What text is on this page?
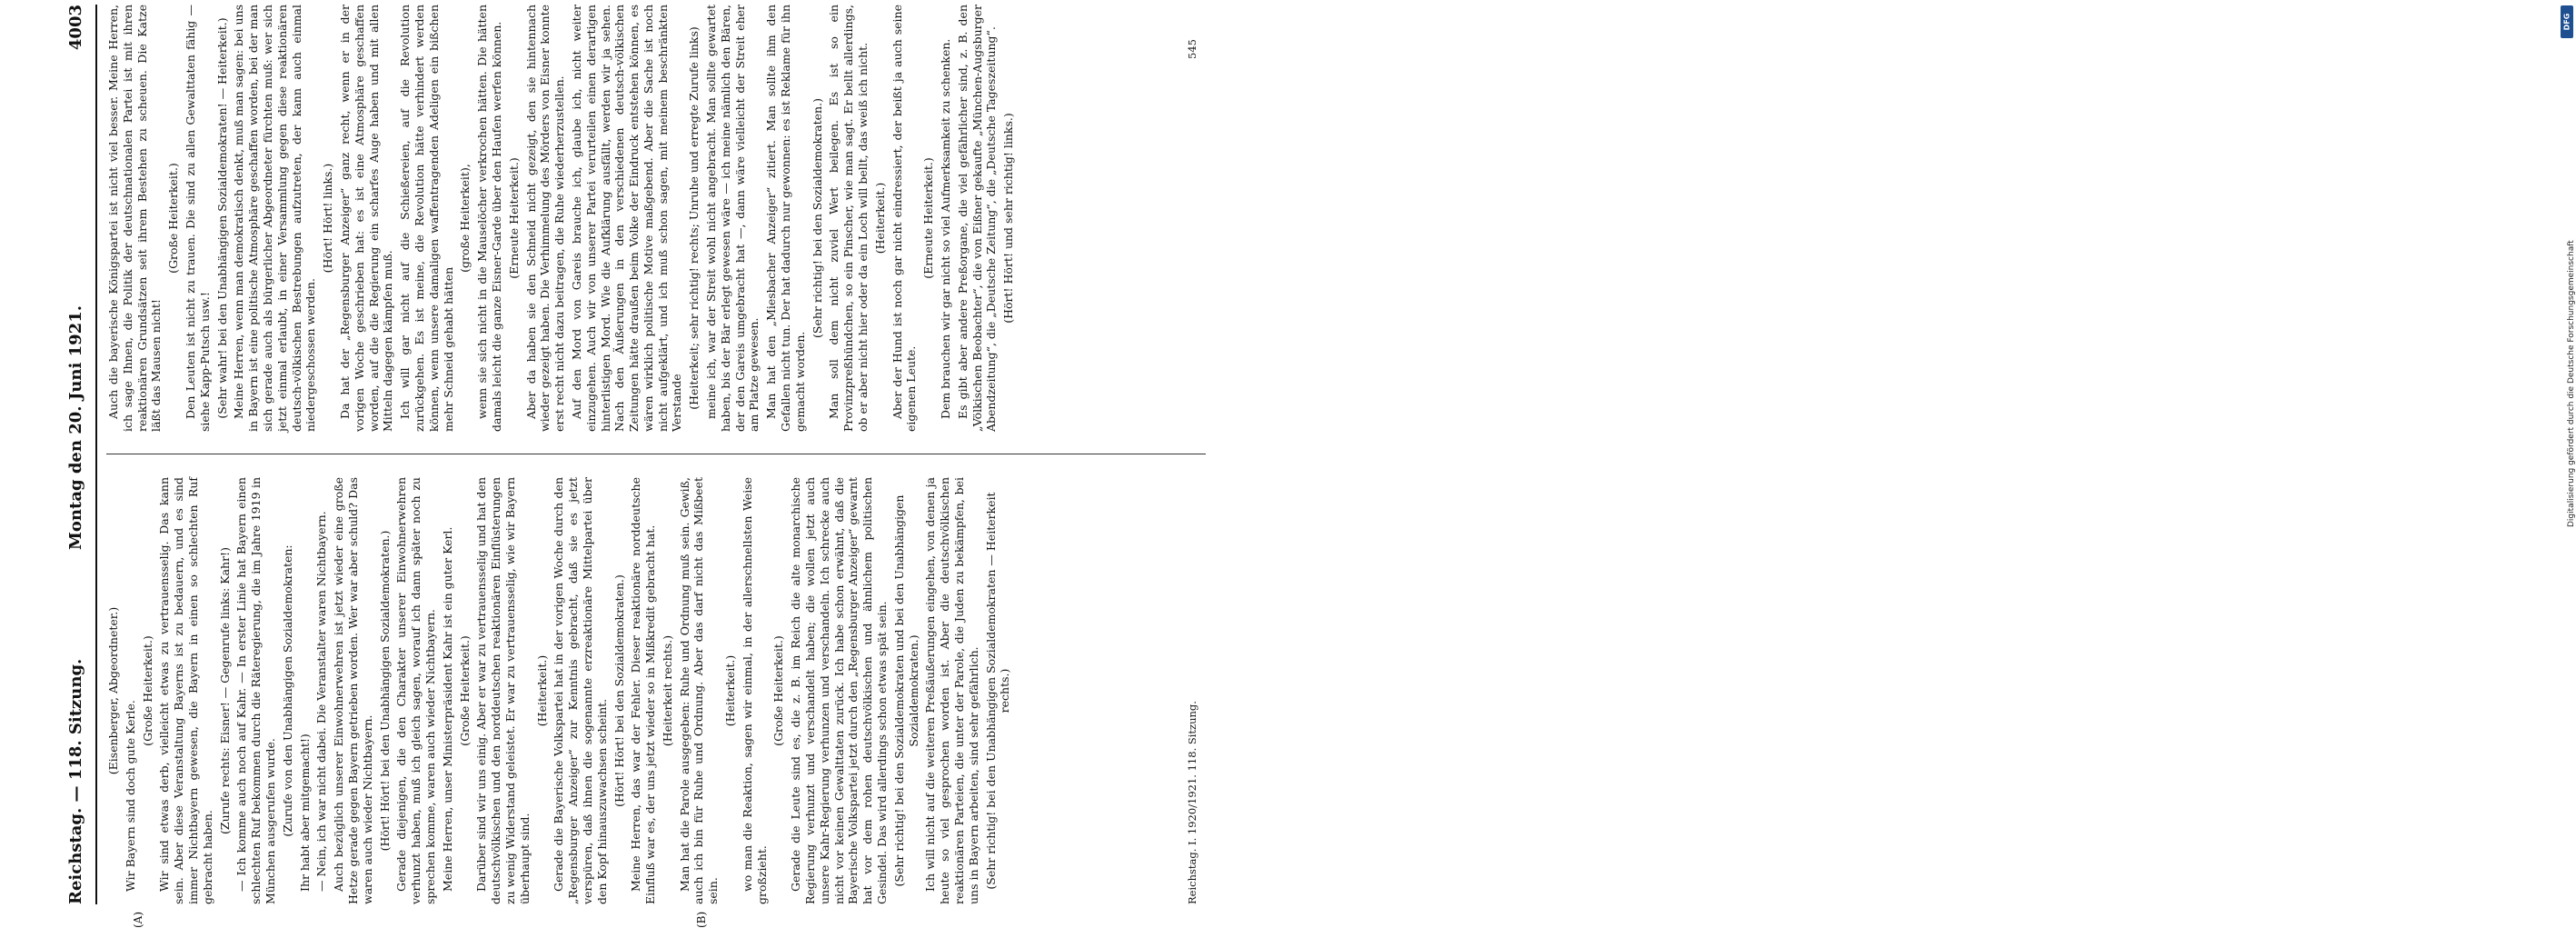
Reichstag. — 118. Sitzung.
Montag den 20. Juni 1921.
4003

(Eisenberger, Abgeordneter.)

Wir Bayern sind doch gute Kerle.

(Große Heiterkeit.) Wir sind etwas derb, vielleicht etwas zu vertrauensselig. Das kann sein. Aber diese Veranstaltung Bayerns ist zu bedauern, und es sind immer Nichtbayern gewesen, die Bayern in einen so schlechten Ruf gebracht haben.

(Zurufe rechts: Eisner! — Gegenrufe links: Kahr!) — Ich komme auch noch auf Kahr. — In erster Linie hat Bayern einen schlechten Ruf bekommen durch die Räteregierung, die im Jahre 1919 in München ausgerufen wurde. (Zurufe von den Unabhängigen Sozialdemokraten: Ihr habt aber mitgemacht!) — Nein, ich war nicht dabei. Die Veranstalter waren Nichtbayern. Auch bezüglich unserer Einwohnerwehren ist jetzt wieder eine große Hetze gerade gegen Bayern getrieben worden. Wer war aber schuld? Das waren auch wieder Nichtbayern. (Hört! Hört! bei den Unabhängigen Sozialdemokraten.) Gerade diejenigen, die den Charakter unserer Einwohnerwehren verhunzt haben, muß ich gleich sagen, worauf ich dann später noch zu sprechen komme, waren auch wieder Nichtbayern. Meine Herren, unser Ministerpräsident Kahr ist ein guter Kerl. (Große Heiterkeit.) Darüber sind wir uns einig. Aber er war zu vertrauensselig und hat den deutschvölkischen und den norddeutschen reaktionären Einflüsterungen zu wenig Widerstand geleistet. Er war zu vertrauensselig, wie wir Bayern überhaupt sind.

(Heiterkeit.) Gerade die Bayerische Volkspartei hat in der vorigen Woche durch den „Regensburger Anzeiger“ zur Kenntnis gebracht, daß sie es jetzt verspüren, daß ihnen die sogenannte erzreaktionäre Mittelpartei über den Kopf hinauszuwachsen scheint. (Hört! Hört! bei den Sozialdemokraten.) Meine Herren, das war der Fehler. Dieser reaktionäre norddeutsche Einfluß war es, der uns jetzt wieder so in Mißkredit gebracht hat. (Heiterkeit rechts.) Man hat die Parole ausgegeben: Ruhe und Ordnung muß sein. Gewiß, auch ich bin für Ruhe und Ordnung. Aber das darf nicht das Mißbeet sein.

(Heiterkeit.) wo man die Reaktion, sagen wir einmal, in der allerschnellsten Weise großzieht.

(Große Heiterkeit.) Gerade die Leute sind es, die z. B. im Reich die alte monarchische Regierung verhunzt und verschandelt haben; die wollen jetzt auch unsere Kahr-Regierung verhunzen und verschandeln. Ich schrecke auch nicht vor keinen Gewalttaten zurück. Ich habe schon erwähnt, daß die Bayerische Volkspartei jetzt durch den „Regensburger Anzeiger“ gewarnt hat vor dem rohen deutschvölkischen und ähnlichem politischen Gesindel. Das wird allerdings schon etwas spät sein. (Sehr richtig! bei den Sozialdemokraten und bei den Unabhängigen Sozialdemokraten.) Ich will nicht auf die weiteren Preßäußerungen eingehen, von denen ja heute so viel gesprochen worden ist. Aber die deutschvölkischen reaktionären Parteien, die unter der Parole, die Juden zu bekämpfen, bei uns in Bayern arbeiten, sind sehr gefährlich. (Sehr richtig! bei den Unabhängigen Sozialdemokraten — Heiterkeit rechts.)

Auch die bayerische Königspartei ist nicht viel besser. Meine Herren, ich sage Ihnen, die Politik der deutschnationalen Partei ist mit ihren reaktionären Grundsätzen seit ihrem Bestehen zu scheuen. Die Katze läßt das Mausen nicht!

(Große Heiterkeit.) Den Leuten ist nicht zu trauen. Die sind zu allen Gewalttaten fähig — siehe Kapp-Putsch usw.! (Sehr wahr! bei den Unabhängigen Sozialdemokraten! — Heiterkeit.) Meine Herren, wenn man demokratisch denkt, muß man sagen: bei uns in Bayern ist eine politische Atmosphäre geschaffen worden, bei der man sich gerade auch als bürgerlicher Abgeordneter fürchten muß: wer sich jetzt einmal erlaubt, in einer Versammlung gegen diese reaktionären deutsch-völkischen Bestrebungen aufzutreten, der kann auch einmal niedergeschossen werden.

(Hört! Hört! links.) Da hat der „Regensburger Anzeiger“ ganz recht, wenn er in der vorigen Woche geschrieben hat: es ist eine Atmosphäre geschaffen worden, auf die die Regierung ein scharfes Auge haben und mit allen Mitteln dagegen kämpfen muß. Ich will gar nicht auf die Schießereien, auf die Revolution zurückgehen. Es ist meine, die Revolution hätte verhindert werden können, wenn unsere damaligen waffentragenden Adeligen ein bißchen mehr Schneid gehabt hätten

(große Heiterkeit), wenn sie sich nicht in die Mauselöcher verkrochen hätten. Die hätten damals leicht die ganze Eisner-Garde über den Haufen werfen können. (Erneute Heiterkeit.) Aber da haben sie den Schneid nicht gezeigt, den sie hintennach wieder gezeigt haben. Die Verhimmelung des Mörders von Eisner konnte erst recht nicht dazu beitragen, die Ruhe wiederherzustellen. Auf den Mord von Gareis brauche ich, glaube ich, nicht weiter einzugehen. Auch wir von unserer Partei verurteilen einen derartigen hinterlistigen Mord. Wie die Aufklärung ausfällt, werden wir ja sehen. Nach den Äußerungen in den verschiedenen deutsch-völkischen Zeitungen hätte draußen beim Volke der Eindruck entstehen können, es wären wirklich politische Motive maßgebend. Aber die Sache ist noch nicht aufgeklärt, und ich muß schon sagen, mit meinem beschränkten Verstande (Heiterkeit; sehr richtig! rechts; Unruhe und erregte Zurufe links) meine ich, war der Streit wohl nicht angebracht. Man sollte gewartet haben, bis der Bär erlegt gewesen wäre — ich meine nämlich den Bären, der den Gareis umgebracht hat —, dann wäre vielleicht der Streit eher am Platze gewesen. Man hat den „Miesbacher Anzeiger“ zitiert. Man sollte ihm den Gefallen nicht tun. Der hat dadurch nur gewonnen: es ist Reklame für ihn gemacht worden.

(Sehr richtig! bei den Sozialdemokraten.) Man soll dem nicht zuviel Wert beilegen. Es ist so ein Provinzpreßhündchen, so ein Pinscher, wie man sagt. Er bellt allerdings, ob er aber nicht hier oder da ein Loch will bellt, das weiß ich nicht. (Heiterkeit.) Aber der Hund ist noch gar nicht eindressiert, der beißt ja auch seine eigenen Leute.

(Erneute Heiterkeit.) Dem brauchen wir gar nicht so viel Aufmerksamkeit zu schenken. Es gibt aber andere Preßorgane, die viel gefährlicher sind, z. B. den „Völkischen Beobachter“, die von Eißner gekaufte „München-Augsburger Abendzeitung“, die „Deutsche Zeitung“, die „Deutsche Tageszeitung“. (Hört! Hört! und sehr richtig! links.)

(A)	(B)
Reichstag. I. 1920/1921. 118. Sitzung.
545
DFG
Digitalisierung gefördert durch die Deutsche Forschungsgemeinschaft
